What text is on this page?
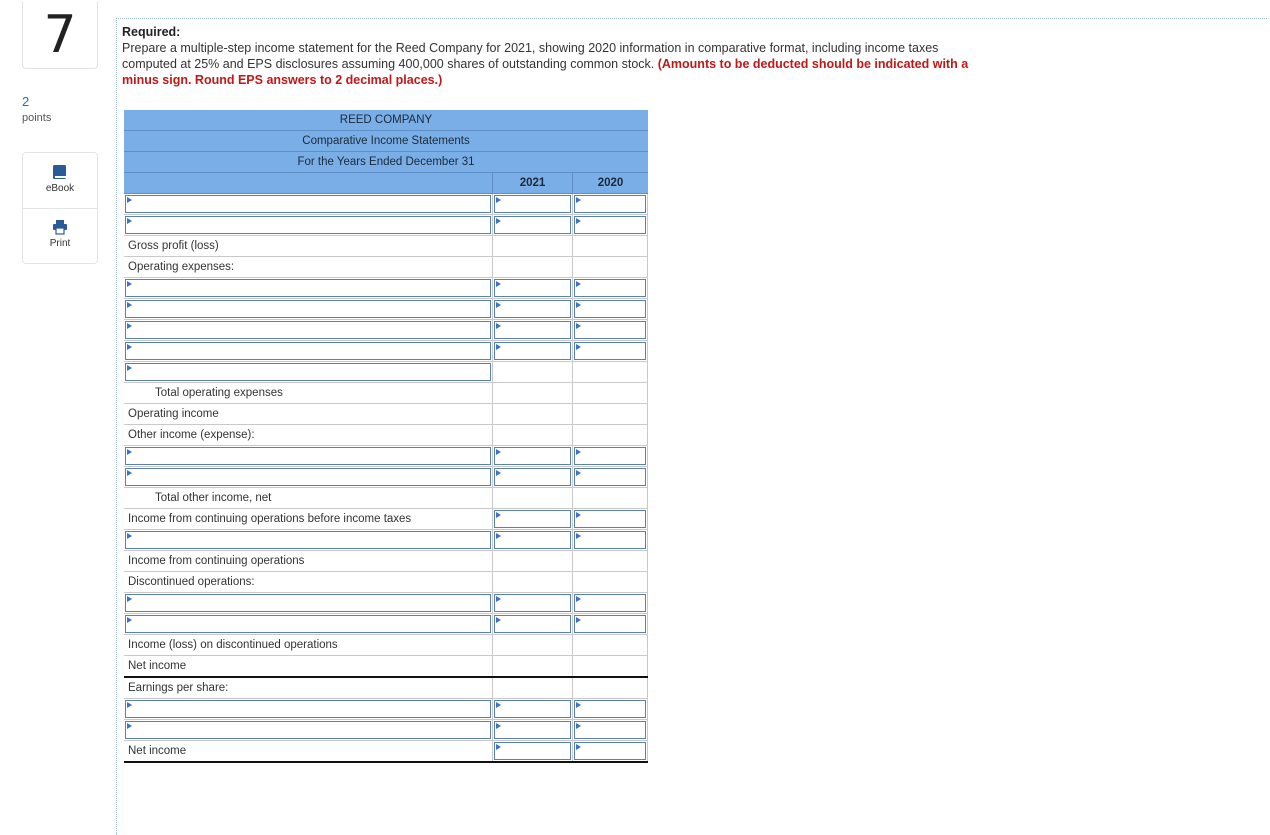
7
2
points
eBook
Print
Required:
Prepare a multiple-step income statement for the Reed Company for 2021, showing 2020 information in comparative format, including income taxes computed at 25% and EPS disclosures assuming 400,000 shares of outstanding common stock. (Amounts to be deducted should be indicated with a minus sign. Round EPS answers to 2 decimal places.)
REED COMPANY
Comparative Income Statements
For the Years Ended December 31
2021	2020
Gross profit (loss)
Operating expenses:
Total operating expenses
Operating income
Other income (expense):
Total other income, net
Income from continuing operations before income taxes
Income from continuing operations
Discontinued operations:
Income (loss) on discontinued operations
Net income
Earnings per share:
Net income
